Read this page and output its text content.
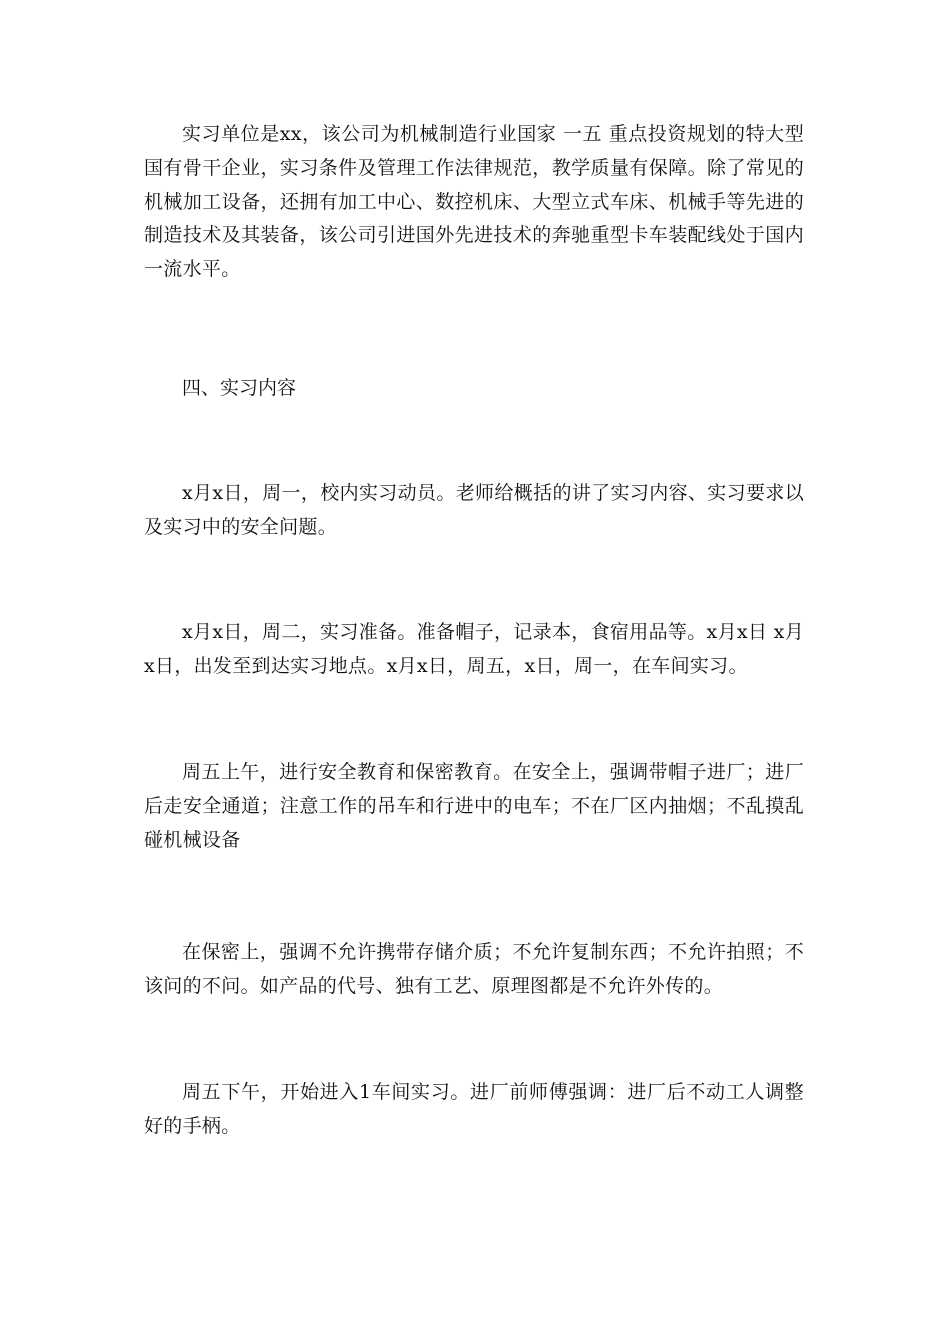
实习单位是xx，该公司为机械制造行业国家 一五 重点投资规划的特大型国有骨干企业，实习条件及管理工作法律规范，教学质量有保障。除了常见的机械加工设备，还拥有加工中心、数控机床、大型立式车床、机械手等先进的制造技术及其装备，该公司引进国外先进技术的奔驰重型卡车装配线处于国内一流水平。

四、实习内容

x月x日，周一，校内实习动员。老师给概括的讲了实习内容、实习要求以及实习中的安全问题。

x月x日，周二，实习准备。准备帽子，记录本，食宿用品等。x月x日 x月x日，出发至到达实习地点。x月x日，周五，x日，周一，在车间实习。

周五上午，进行安全教育和保密教育。在安全上，强调带帽子进厂；进厂后走安全通道；注意工作的吊车和行进中的电车；不在厂区内抽烟；不乱摸乱碰机械设备

在保密上，强调不允许携带存储介质；不允许复制东西；不允许拍照；不该问的不问。如产品的代号、独有工艺、原理图都是不允许外传的。

周五下午，开始进入1车间实习。进厂前师傅强调：进厂后不动工人调整好的手柄。
